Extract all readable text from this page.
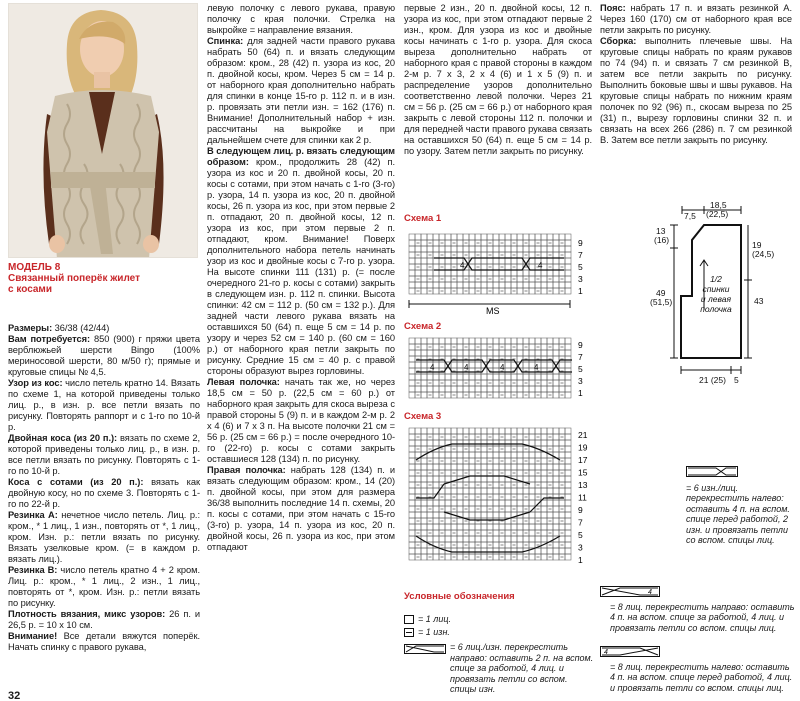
МОДЕЛЬ 8
Связанный поперёк жилет
с косами

Размеры: 36/38 (42/44)

Вам потребуется: 850 (900) г пряжи цвета верблюжьей шерсти Bingo (100% мериносовой шерсти, 80 м/50 г); прямые и круговые спицы № 4,5.

Узор из кос: число петель кратно 14. Вязать по схеме 1, на которой приведены только лиц. р., в изн. р. все петли вязать по рисунку. Повторять раппорт и с 1-го по 10-й р.

Двойная коса (из 20 п.): вязать по схеме 2, которой приведены только лиц. р., в изн. р. все петли вязать по рисунку. Повторять с 1-го по 10-й р.

Коса с сотами (из 20 п.): вязать как двойную косу, но по схеме 3. Повторять с 1-го по 22-й р.

Резинка А: нечетное число петель. Лиц. р.: кром., * 1 лиц., 1 изн., повторять от *, 1 лиц., кром. Изн. р.: петли вязать по рисунку. Вязать узелковые кром. (= в каждом р. вязать лиц.).

Резинка В: число петель кратно 4 + 2 кром. Лиц. р.: кром., * 1 лиц., 2 изн., 1 лиц., повторять от *, кром. Изн. р.: петли вязать по рисунку.

Плотность вязания, микс узоров: 26 п. и 26,5 р. = 10 х 10 см.

Внимание! Все детали вяжутся поперёк. Начать спинку с правого рукава,

левую полочку с левого рукава, правую полочку с края полочки. Стрелка на выкройке = направление вязания.

Спинка: для задней части правого рукава набрать 50 (64) п. и вязать следующим образом: кром., 28 (42) п. узора из кос, 20 п. двойной косы, кром. Через 5 см = 14 р. от наборного края дополнительно набрать для спинки в конце 15-го р. 112 п. и в изн. р. провязать эти петли изн. = 162 (176) п. Внимание! Дополнительный набор + изн. рассчитаны на выкройке и при дальнейшем счете для спинки как 2 р.

В следующем лиц. р. вязать следующим образом: кром., продолжить 28 (42) п. узора из кос и 20 п. двойной косы, 20 п. косы с сотами, при этом начать с 1-го (3-го) р. узора, 14 п. узора из кос, 20 п. двойной косы, 26 п. узора из кос, при этом первые 2 п. отпадают, 20 п. двойной косы, 12 п. узора из кос, при этом первые 2 п. отпадают, кром. Внимание! Поверх дополнительного набора петель начинать узор из кос и двойные косы с 7-го р. узора. На высоте спинки 111 (131) р. (= после очередного 21-го р. косы с сотами) закрыть в следующем изн. р. 112 п. спинки. Высота спинки: 42 см = 112 р. (50 см = 132 р.). Для задней части левого рукава вязать на оставшихся 50 (64) п. еще 5 см = 14 р. по узору и через 52 см = 140 р. (60 см = 160 р.) от наборного края петли закрыть по рисунку. Средние 15 см = 40 р. с правой стороны образуют вырез горловины.

Левая полочка: начать так же, но через 18,5 см = 50 р. (22,5 см = 60 р.) от наборного края закрыть для скоса выреза с правой стороны 5 (9) п. и в каждом 2-м р. 2 х 4 (6) и 7 х 3 п. На высоте полочки 21 см = 56 р. (25 см = 66 р.) = после очередного 10-го (22-го) р. косы с сотами закрыть оставшиеся 128 (134) п. по рисунку.

Правая полочка: набрать 128 (134) п. и вязать следующим образом: кром., 14 (20) п. двойной косы, при этом для размера 36/38 выполнить последние 14 п. схемы, 20 п. косы с сотами, при этом начать с 15-го (3-го) р. узора, 14 п. узора из кос, 20 п. двойной косы, 26 п. узора из кос, при этом отпадают

первые 2 изн., 20 п. двойной косы, 12 п. узора из кос, при этом отпадают первые 2 изн., кром. Для узора из кос и двойные косы начинать с 1-го р. узора. Для скоса выреза дополнительно набрать от наборного края с правой стороны в каждом 2-м р. 7 х 3, 2 х 4 (6) и 1 х 5 (9) п. и распределение узоров дополнительно соответственно левой полочки. Через 21 см = 56 р. (25 см = 66 р.) от наборного края закрыть с левой стороны 112 п. полочки и для передней части правого рукава связать на оставшихся 50 (64) п. еще 5 см = 14 р. по узору. Затем петли закрыть по рисунку.

Пояс: набрать 17 п. и вязать резинкой А. Через 160 (170) см от наборного края все петли закрыть по рисунку.

Сборка: выполнить плечевые швы. На круговые спицы набрать по краям рукавов по 74 (94) п. и связать 7 см резинкой В, затем все петли закрыть по рисунку. Выполнить боковые швы и швы рукавов. На круговые спицы набрать по нижним краям полочек по 92 (96) п., скосам выреза по 25 (31) п., вырезу горловины спинки 32 п. и связать на всех 266 (286) п. 7 см резинкой В. Затем все петли закрыть по рисунку.

Схема 1
4	4
9
7
5
3
1
MS
Схема 2
4	4	4	4
9
7
5
3
1
Схема 3
21
19
17
15
13
11
9
7
5
3
1
Условные обозначения
= 1 лиц.
= 1 изн.
= 6 лиц./изн. перекрестить направо: оставить 2 п. на вспом. спице за работой, 4 лиц. и провязать петли со вспом. спицы изн.
= 6 изн./лиц. перекрестить налево: оставить 4 п. на вспом. спице перед работой, 2 изн. и провязать петли со вспом. спицы лиц.
4
= 8 лиц. перекрестить направо: оставить 4 п. на вспом. спице за работой, 4 лиц. и провязать петли со вспом. спицы лиц.
4
= 8 лиц. перекрестить налево: оставить 4 п. на вспом. спице перед работой, 4 лиц. и провязать петли со вспом. спицы лиц.
7,5
18,5
(22,5)
13
(16)	19
(24,5)
49
(51,5)	43
21 (25) 5
1/2
спинки
и левая
полочка
32
